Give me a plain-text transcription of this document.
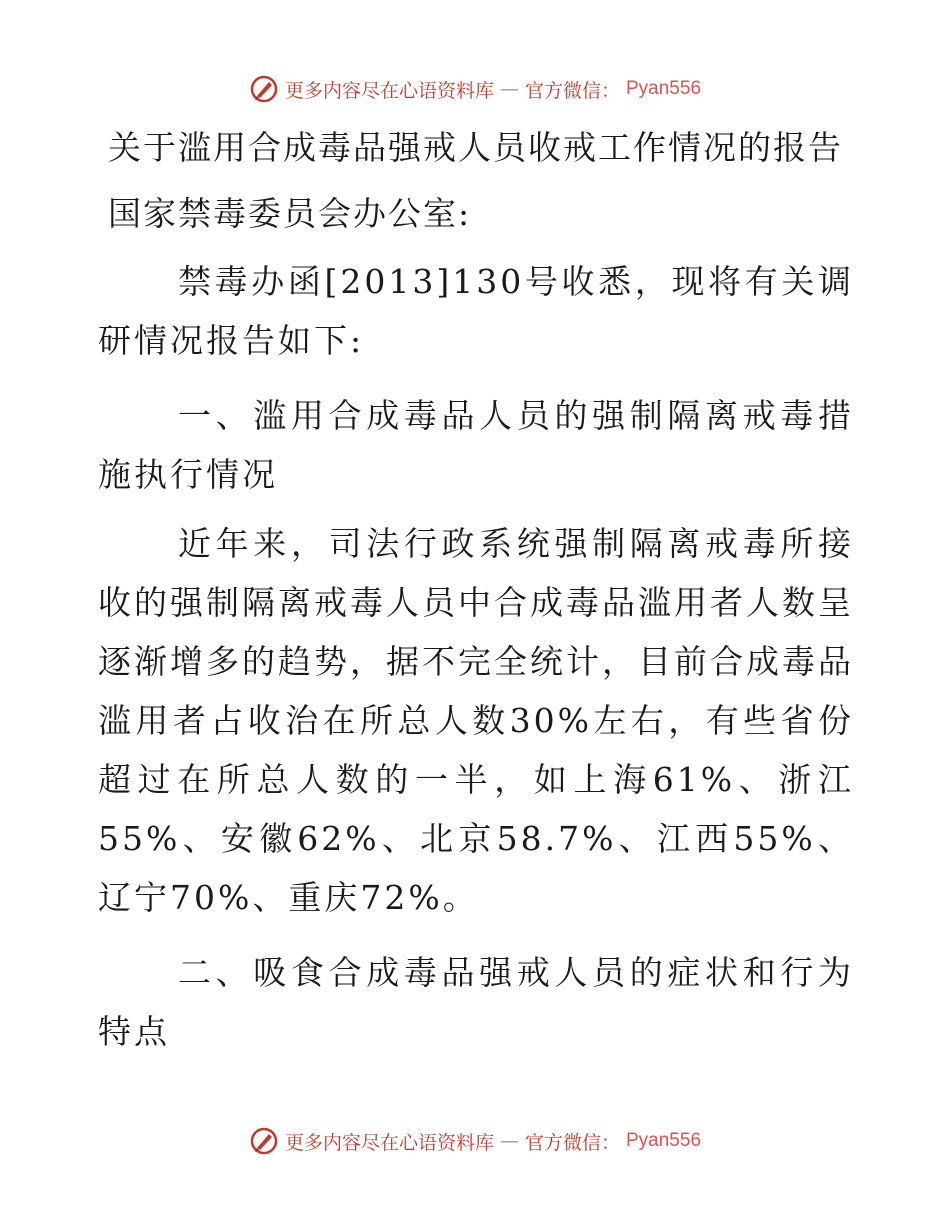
更多内容尽在心语资料库 — 官方微信： Pyan556
关于滥用合成毒品强戒人员收戒工作情况的报告
国家禁毒委员会办公室:

禁毒办函[2013]130号收悉，现将有关调研情况报告如下:

一、滥用合成毒品人员的强制隔离戒毒措施执行情况

近年来，司法行政系统强制隔离戒毒所接收的强制隔离戒毒人员中合成毒品滥用者人数呈逐渐增多的趋势，据不完全统计，目前合成毒品滥用者占收治在所总人数30%左右，有些省份超过在所总人数的一半，如上海61%、浙江55%、安徽62%、北京58.7%、江西55%、辽宁70%、重庆72%。

二、吸食合成毒品强戒人员的症状和行为特点

更多内容尽在心语资料库 — 官方微信： Pyan556
